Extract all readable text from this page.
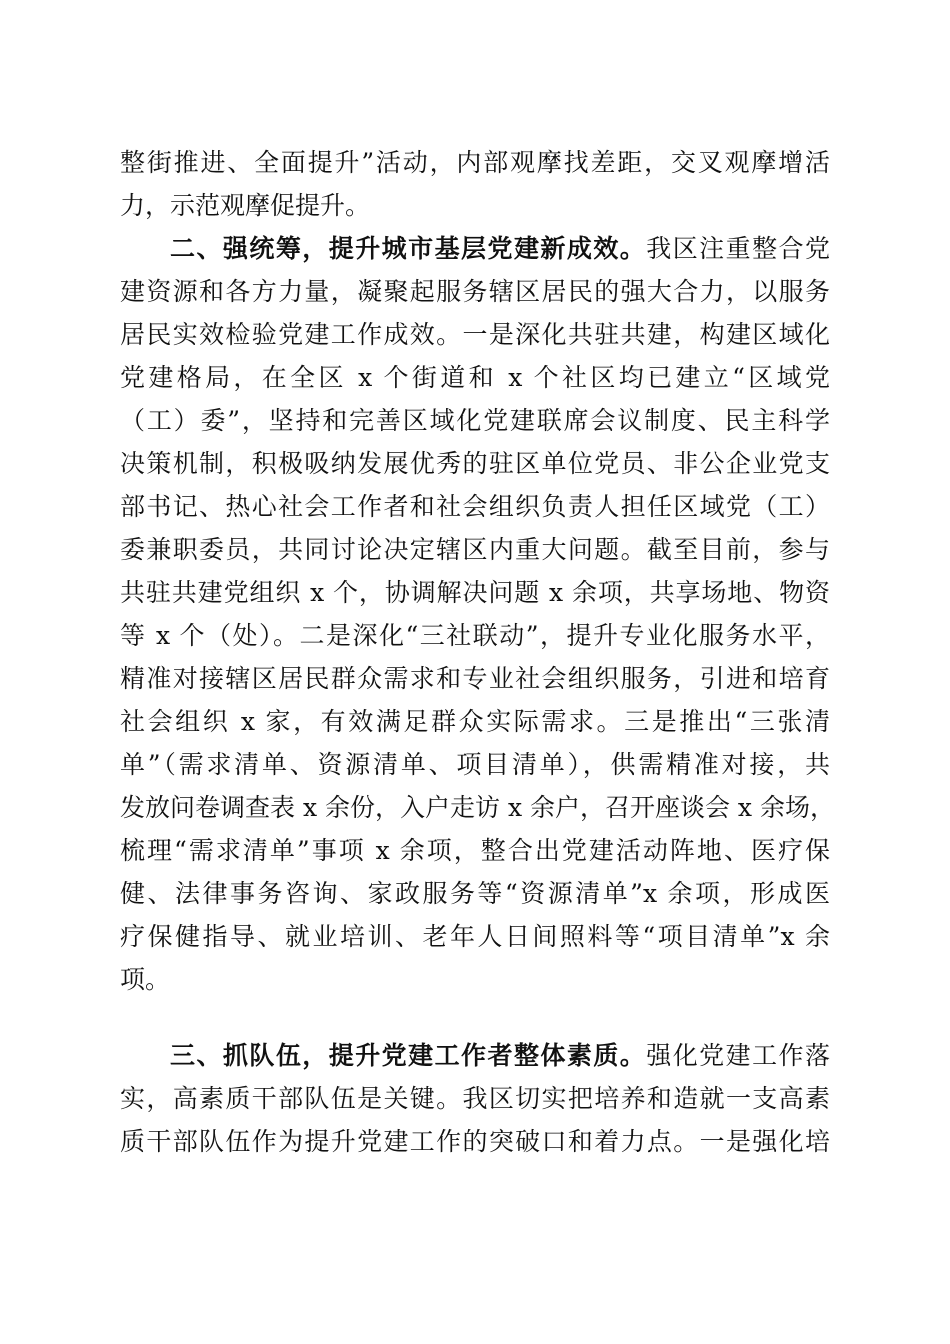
整街推进、全面提升”活动，内部观摩找差距，交叉观摩增活
力，示范观摩促提升。
二、强统筹，提升城市基层党建新成效。我区注重整合党
建资源和各方力量，凝聚起服务辖区居民的强大合力，以服务
居民实效检验党建工作成效。一是深化共驻共建，构建区域化
党建格局，在全区 x 个街道和 x 个社区均已建立“区域党
（工）委”，坚持和完善区域化党建联席会议制度、民主科学
决策机制，积极吸纳发展优秀的驻区单位党员、非公企业党支
部书记、热心社会工作者和社会组织负责人担任区域党（工）
委兼职委员，共同讨论决定辖区内重大问题。截至目前，参与
共驻共建党组织 x 个，协调解决问题 x 余项，共享场地、物资
等 x 个（处）。二是深化“三社联动”，提升专业化服务水平，
精准对接辖区居民群众需求和专业社会组织服务，引进和培育
社会组织 x 家，有效满足群众实际需求。三是推出“三张清
单”（需求清单、资源清单、项目清单），供需精准对接，共
发放问卷调查表 x 余份，入户走访 x 余户，召开座谈会 x 余场，
梳理“需求清单”事项 x 余项，整合出党建活动阵地、医疗保
健、法律事务咨询、家政服务等“资源清单”x 余项，形成医
疗保健指导、就业培训、老年人日间照料等“项目清单”x 余
项。
三、抓队伍，提升党建工作者整体素质。强化党建工作落
实，高素质干部队伍是关键。我区切实把培养和造就一支高素
质干部队伍作为提升党建工作的突破口和着力点。一是强化培
